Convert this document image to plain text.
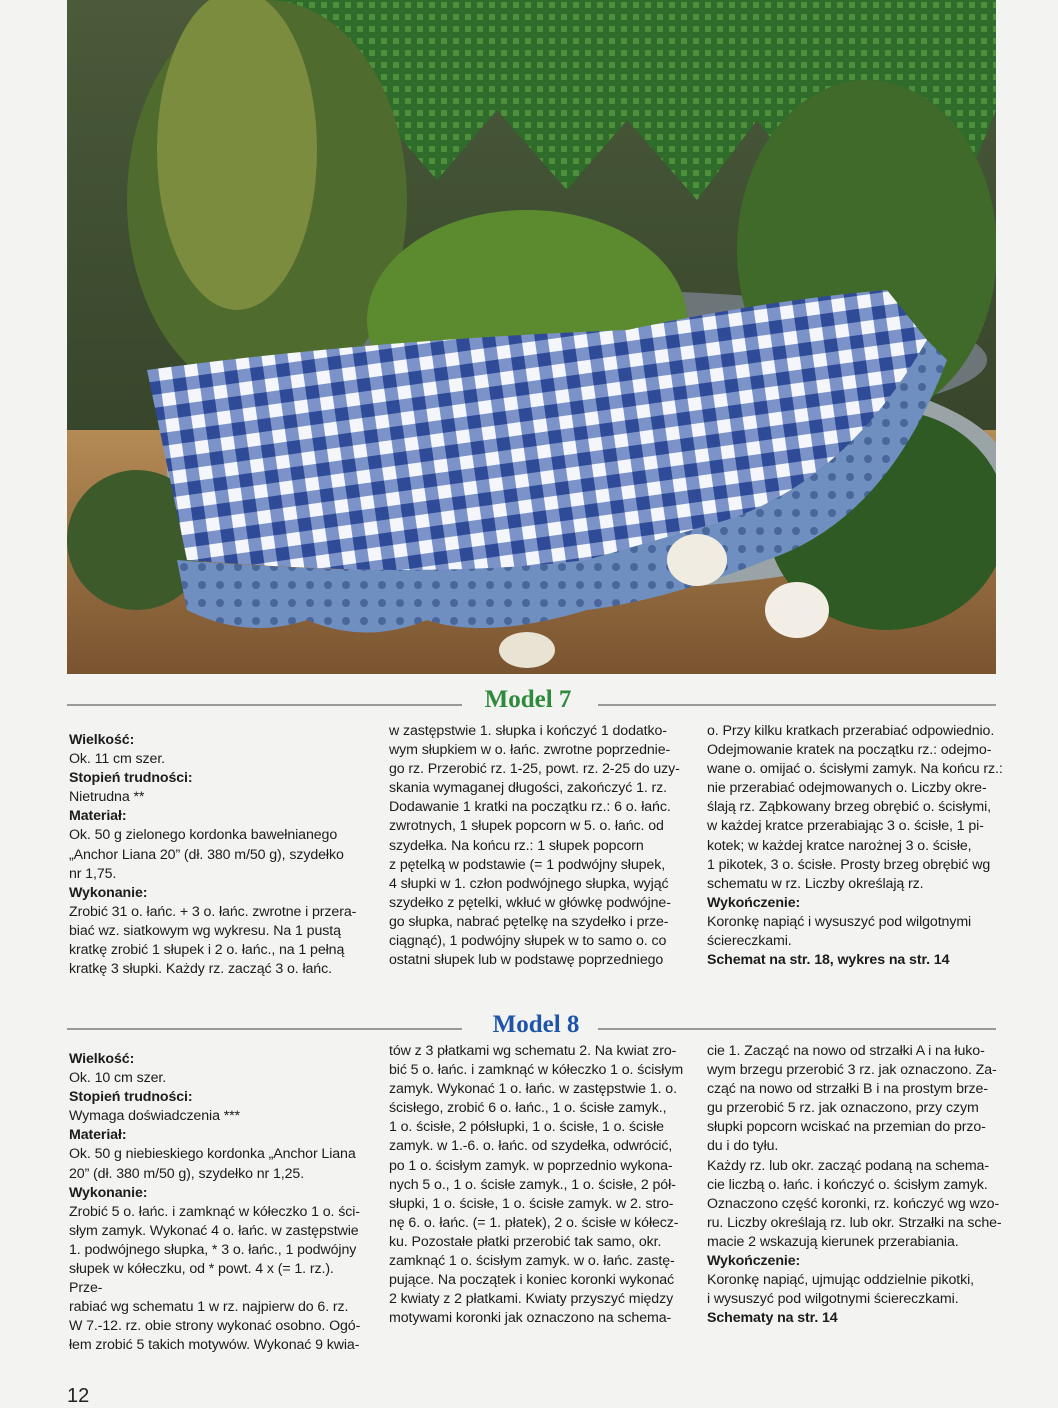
Model 7

Wielkość:

Ok. 11 cm szer.

Stopień trudności:

Nietrudna **

Materiał:

Ok. 50 g zielonego kordonka bawełnianego

„Anchor Liana 20” (dł. 380 m/50 g), szydełko

nr 1,75.

Wykonanie:

Zrobić 31 o. łańc. + 3 o. łańc. zwrotne i przera-

biać wz. siatkowym wg wykresu. Na 1 pustą

kratkę zrobić 1 słupek i 2 o. łańc., na 1 pełną

kratkę 3 słupki. Każdy rz. zacząć 3 o. łańc.

w zastępstwie 1. słupka i kończyć 1 dodatko-

wym słupkiem w o. łańc. zwrotne poprzednie-

go rz. Przerobić rz. 1-25, powt. rz. 2-25 do uzy-

skania wymaganej długości, zakończyć 1. rz.

Dodawanie 1 kratki na początku rz.: 6 o. łańc.

zwrotnych, 1 słupek popcorn w 5. o. łańc. od

szydełka. Na końcu rz.: 1 słupek popcorn

z pętelką w podstawie (= 1 podwójny słupek,

4 słupki w 1. człon podwójnego słupka, wyjąć

szydełko z pętelki, wkłuć w główkę podwójne-

go słupka, nabrać pętelkę na szydełko i prze-

ciągnąć), 1 podwójny słupek w to samo o. co

ostatni słupek lub w podstawę poprzedniego

o. Przy kilku kratkach przerabiać odpowiednio.

Odejmowanie kratek na początku rz.: odejmo-

wane o. omijać o. ścisłymi zamyk. Na końcu rz.:

nie przerabiać odejmowanych o. Liczby okre-

ślają rz. Ząbkowany brzeg obrębić o. ścisłymi,

w każdej kratce przerabiając 3 o. ścisłe, 1 pi-

kotek; w każdej kratce narożnej 3 o. ścisłe,

1 pikotek, 3 o. ścisłe. Prosty brzeg obrębić wg

schematu w rz. Liczby określają rz.

Wykończenie:

Koronkę napiąć i wysuszyć pod wilgotnymi

ściereczkami.

Schemat na str. 18, wykres na str. 14

Model 8

Wielkość:

Ok. 10 cm szer.

Stopień trudności:

Wymaga doświadczenia ***

Materiał:

Ok. 50 g niebieskiego kordonka „Anchor Liana

20” (dł. 380 m/50 g), szydełko nr 1,25.

Wykonanie:

Zrobić 5 o. łańc. i zamknąć w kółeczko 1 o. ści-

słym zamyk. Wykonać 4 o. łańc. w zastępstwie

1. podwójnego słupka, * 3 o. łańc., 1 podwójny

słupek w kółeczku, od * powt. 4 x (= 1. rz.). Prze-

rabiać wg schematu 1 w rz. najpierw do 6. rz.

W 7.-12. rz. obie strony wykonać osobno. Ogó-

łem zrobić 5 takich motywów. Wykonać 9 kwia-

tów z 3 płatkami wg schematu 2. Na kwiat zro-

bić 5 o. łańc. i zamknąć w kółeczko 1 o. ścisłym

zamyk. Wykonać 1 o. łańc. w zastępstwie 1. o.

ścisłego, zrobić 6 o. łańc., 1 o. ścisłe zamyk.,

1 o. ścisłe, 2 półsłupki, 1 o. ścisłe, 1 o. ścisłe

zamyk. w 1.-6. o. łańc. od szydełka, odwrócić,

po 1 o. ścisłym zamyk. w poprzednio wykona-

nych 5 o., 1 o. ścisłe zamyk., 1 o. ścisłe, 2 pół-

słupki, 1 o. ścisłe, 1 o. ścisłe zamyk. w 2. stro-

nę 6. o. łańc. (= 1. płatek), 2 o. ścisłe w kółecz-

ku. Pozostałe płatki przerobić tak samo, okr.

zamknąć 1 o. ścisłym zamyk. w o. łańc. zastę-

pujące. Na początek i koniec koronki wykonać

2 kwiaty z 2 płatkami. Kwiaty przyszyć między

motywami koronki jak oznaczono na schema-

cie 1. Zacząć na nowo od strzałki A i na łuko-

wym brzegu przerobić 3 rz. jak oznaczono. Za-

cząć na nowo od strzałki B i na prostym brze-

gu przerobić 5 rz. jak oznaczono, przy czym

słupki popcorn wciskać na przemian do przo-

du i do tyłu.

Każdy rz. lub okr. zacząć podaną na schema-

cie liczbą o. łańc. i kończyć o. ścisłym zamyk.

Oznaczono część koronki, rz. kończyć wg wzo-

ru. Liczby określają rz. lub okr. Strzałki na sche-

macie 2 wskazują kierunek przerabiania.

Wykończenie:

Koronkę napiąć, ujmując oddzielnie pikotki,

i wysuszyć pod wilgotnymi ściereczkami.

Schematy na str. 14

12
